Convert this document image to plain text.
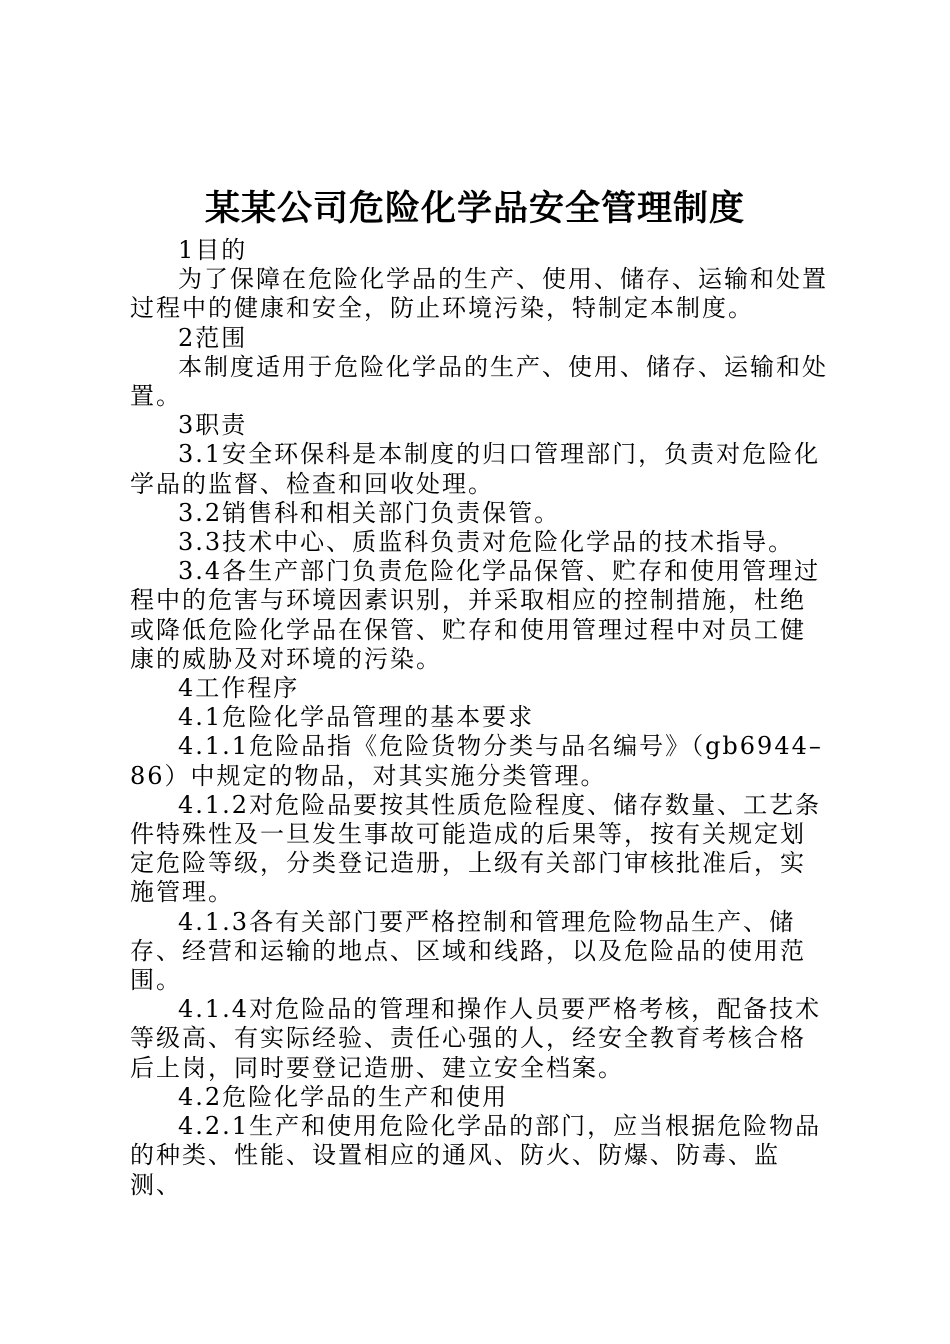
某某公司危险化学品安全管理制度

1目的

为了保障在危险化学品的生产、使用、储存、运输和处置过程中的健康和安全，防止环境污染，特制定本制度。

2范围

本制度适用于危险化学品的生产、使用、储存、运输和处置。

3职责

3.1安全环保科是本制度的归口管理部门，负责对危险化学品的监督、检查和回收处理。

3.2销售科和相关部门负责保管。

3.3技术中心、质监科负责对危险化学品的技术指导。

3.4各生产部门负责危险化学品保管、贮存和使用管理过程中的危害与环境因素识别，并采取相应的控制措施，杜绝或降低危险化学品在保管、贮存和使用管理过程中对员工健康的威胁及对环境的污染。

4工作程序

4.1危险化学品管理的基本要求

4.1.1危险品指《危险货物分类与品名编号》（gb6944–86）中规定的物品，对其实施分类管理。

4.1.2对危险品要按其性质危险程度、储存数量、工艺条件特殊性及一旦发生事故可能造成的后果等，按有关规定划定危险等级，分类登记造册，上级有关部门审核批准后，实施管理。

4.1.3各有关部门要严格控制和管理危险物品生产、储存、经营和运输的地点、区域和线路，以及危险品的使用范围。

4.1.4对危险品的管理和操作人员要严格考核，配备技术等级高、有实际经验、责任心强的人，经安全教育考核合格后上岗，同时要登记造册、建立安全档案。

4.2危险化学品的生产和使用

4.2.1生产和使用危险化学品的部门，应当根据危险物品的种类、性能、设置相应的通风、防火、防爆、防毒、监测、
